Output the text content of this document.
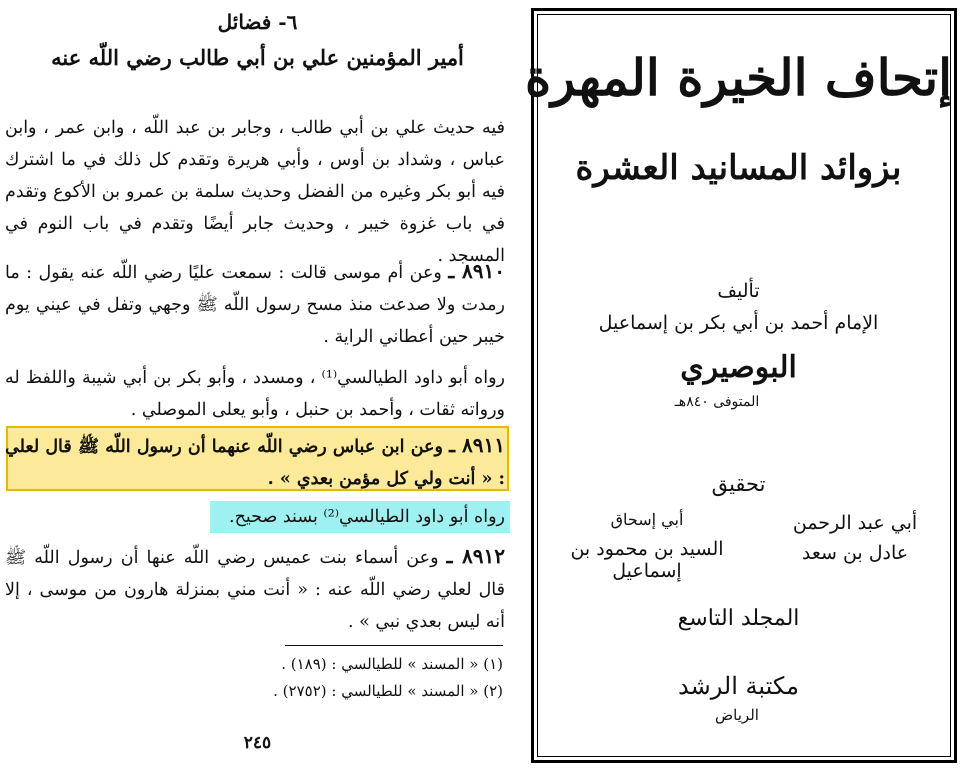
٦- فضائل
أمير المؤمنين علي بن أبي طالب رضي اللّه عنه
فيه حديث علي بن أبي طالب ، وجابر بن عبد اللّه ، وابن عمر ، وابن عباس ، وشداد بن أوس ، وأبي هريرة وتقدم كل ذلك في ما اشترك فيه أبو بكر وغيره من الفضل وحديث سلمة بن عمرو بن الأكوع وتقدم في باب غزوة خيبر ، وحديث جابر أيضًا وتقدم في باب النوم في المسجد .
٨٩١٠ ـ وعن أم موسى قالت : سمعت عليًا رضي اللّه عنه يقول : ما رمدت ولا صدعت منذ مسح رسول اللّه ﷺ وجهي وتفل في عيني يوم خيبر حين أعطاني الراية .
رواه أبو داود الطيالسي⁽¹⁾ ، ومسدد ، وأبو بكر بن أبي شيبة واللفظ له ورواته ثقات ، وأحمد بن حنبل ، وأبو يعلى الموصلي .
٨٩١١ ـ وعن ابن عباس رضي اللّه عنهما أن رسول اللّه ﷺ قال لعلي : « أنت ولي كل مؤمن بعدي » .
رواه أبو داود الطيالسي⁽²⁾ بسند صحيح.
٨٩١٢ ـ وعن أسماء بنت عميس رضي اللّه عنها أن رسول اللّه ﷺ قال لعلي رضي اللّه عنه : « أنت مني بمنزلة هارون من موسى ، إلا أنه ليس بعدي نبي » .
(١) « المسند » للطيالسي : (١٨٩) .
(٢) « المسند » للطيالسي : (٢٧٥٢) .
٢٤٥
إتحاف الخيرة المهرة
بزوائد المسانيد العشرة
تأليف
الإمام أحمد بن أبي بكر بن إسماعيل
البوصيري
المتوفى ٨٤٠هـ
تحقيق
أبي عبد الرحمن
عادل بن سعد
أبي إسحاق
السيد بن محمود بن إسماعيل
المجلد التاسع
مكتبة الرشد
الرياض
